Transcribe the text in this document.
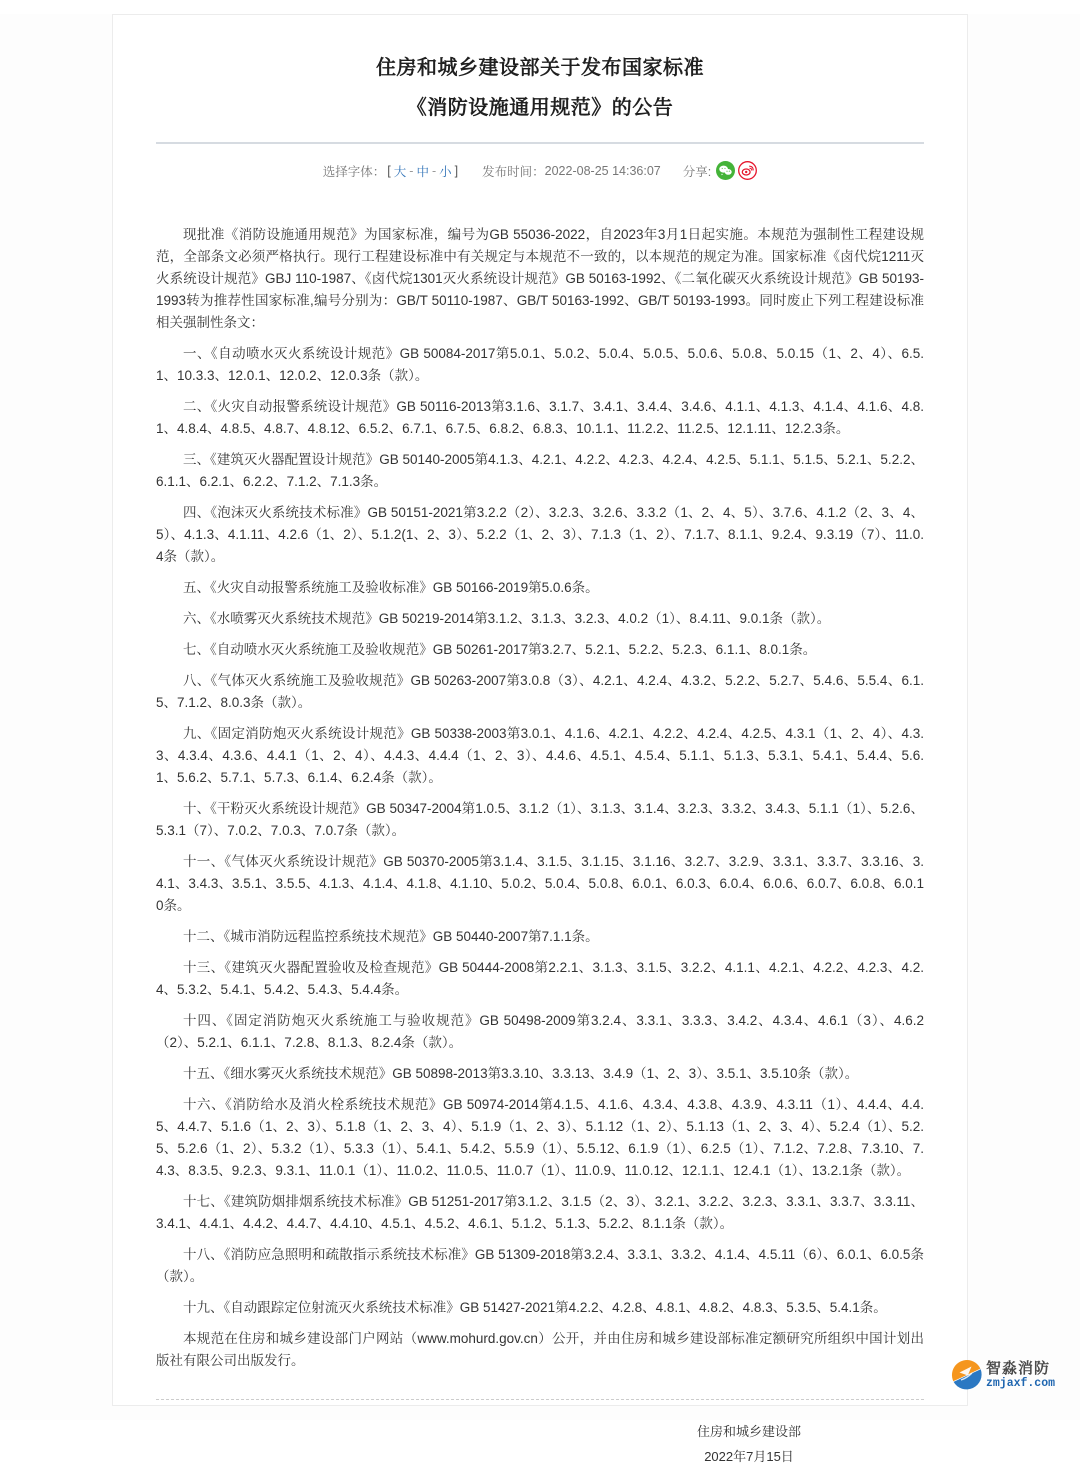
住房和城乡建设部关于发布国家标准
《消防设施通用规范》的公告
选择字体： [ 大 - 中 - 小 ] 发布时间： 2022-08-25 14:36:07 分享:

现批准《消防设施通用规范》为国家标准，编号为GB 55036-2022，自2023年3月1日起实施。本规范为强制性工程建设规范，全部条文必须严格执行。现行工程建设标准中有关规定与本规范不一致的，以本规范的规定为准。国家标准《卤代烷1211灭火系统设计规范》GBJ 110-1987、《卤代烷1301灭火系统设计规范》GB 50163-1992、《二氧化碳灭火系统设计规范》GB 50193-1993转为推荐性国家标准,编号分别为：GB/T 50110-1987、GB/T 50163-1992、GB/T 50193-1993。同时废止下列工程建设标准相关强制性条文：

一、《自动喷水灭火系统设计规范》GB 50084-2017第5.0.1、5.0.2、5.0.4、5.0.5、5.0.6、5.0.8、5.0.15（1、2、4）、6.5.1、10.3.3、12.0.1、12.0.2、12.0.3条（款）。

二、《火灾自动报警系统设计规范》GB 50116-2013第3.1.6、3.1.7、3.4.1、3.4.4、3.4.6、4.1.1、4.1.3、4.1.4、4.1.6、4.8.1、4.8.4、4.8.5、4.8.7、4.8.12、6.5.2、6.7.1、6.7.5、6.8.2、6.8.3、10.1.1、11.2.2、11.2.5、12.1.11、12.2.3条。

三、《建筑灭火器配置设计规范》GB 50140-2005第4.1.3、4.2.1、4.2.2、4.2.3、4.2.4、4.2.5、5.1.1、5.1.5、5.2.1、5.2.2、6.1.1、6.2.1、6.2.2、7.1.2、7.1.3条。

四、《泡沫灭火系统技术标准》GB 50151-2021第3.2.2（2）、3.2.3、3.2.6、3.3.2（1、2、4、5）、3.7.6、4.1.2（2、3、4、5）、4.1.3、4.1.11、4.2.6（1、2）、5.1.2(1、2、3）、5.2.2（1、2、3）、7.1.3（1、2）、7.1.7、8.1.1、9.2.4、9.3.19（7）、11.0.4条（款）。

五、《火灾自动报警系统施工及验收标准》GB 50166-2019第5.0.6条。

六、《水喷雾灭火系统技术规范》GB 50219-2014第3.1.2、3.1.3、3.2.3、4.0.2（1）、8.4.11、9.0.1条（款）。

七、《自动喷水灭火系统施工及验收规范》GB 50261-2017第3.2.7、5.2.1、5.2.2、5.2.3、6.1.1、8.0.1条。

八、《气体灭火系统施工及验收规范》GB 50263-2007第3.0.8（3）、4.2.1、4.2.4、4.3.2、5.2.2、5.2.7、5.4.6、5.5.4、6.1.5、7.1.2、8.0.3条（款）。

九、《固定消防炮灭火系统设计规范》GB 50338-2003第3.0.1、4.1.6、4.2.1、4.2.2、4.2.4、4.2.5、4.3.1（1、2、4）、4.3.3、4.3.4、4.3.6、4.4.1（1、2、4）、4.4.3、4.4.4（1、2、3）、4.4.6、4.5.1、4.5.4、5.1.1、5.1.3、5.3.1、5.4.1、5.4.4、5.6.1、5.6.2、5.7.1、5.7.3、6.1.4、6.2.4条（款）。

十、《干粉灭火系统设计规范》GB 50347-2004第1.0.5、3.1.2（1）、3.1.3、3.1.4、3.2.3、3.3.2、3.4.3、5.1.1（1）、5.2.6、5.3.1（7）、7.0.2、7.0.3、7.0.7条（款）。

十一、《气体灭火系统设计规范》GB 50370-2005第3.1.4、3.1.5、3.1.15、3.1.16、3.2.7、3.2.9、3.3.1、3.3.7、3.3.16、3.4.1、3.4.3、3.5.1、3.5.5、4.1.3、4.1.4、4.1.8、4.1.10、5.0.2、5.0.4、5.0.8、6.0.1、6.0.3、6.0.4、6.0.6、6.0.7、6.0.8、6.0.10条。

十二、《城市消防远程监控系统技术规范》GB 50440-2007第7.1.1条。

十三、《建筑灭火器配置验收及检查规范》GB 50444-2008第2.2.1、3.1.3、3.1.5、3.2.2、4.1.1、4.2.1、4.2.2、4.2.3、4.2.4、5.3.2、5.4.1、5.4.2、5.4.3、5.4.4条。

十四、《固定消防炮灭火系统施工与验收规范》GB 50498-2009第3.2.4、3.3.1、3.3.3、3.4.2、4.3.4、4.6.1（3）、4.6.2（2）、5.2.1、6.1.1、7.2.8、8.1.3、8.2.4条（款）。

十五、《细水雾灭火系统技术规范》GB 50898-2013第3.3.10、3.3.13、3.4.9（1、2、3）、3.5.1、3.5.10条（款）。

十六、《消防给水及消火栓系统技术规范》GB 50974-2014第4.1.5、4.1.6、4.3.4、4.3.8、4.3.9、4.3.11（1）、4.4.4、4.4.5、4.4.7、5.1.6（1、2、3）、5.1.8（1、2、3、4）、5.1.9（1、2、3）、5.1.12（1、2）、5.1.13（1、2、3、4）、5.2.4（1）、5.2.5、5.2.6（1、2）、5.3.2（1）、5.3.3（1）、5.4.1、5.4.2、5.5.9（1）、5.5.12、6.1.9（1）、6.2.5（1）、7.1.2、7.2.8、7.3.10、7.4.3、8.3.5、9.2.3、9.3.1、11.0.1（1）、11.0.2、11.0.5、11.0.7（1）、11.0.9、11.0.12、12.1.1、12.4.1（1）、13.2.1条（款）。

十七、《建筑防烟排烟系统技术标准》GB 51251-2017第3.1.2、3.1.5（2、3）、3.2.1、3.2.2、3.2.3、3.3.1、3.3.7、3.3.11、3.4.1、4.4.1、4.4.2、4.4.7、4.4.10、4.5.1、4.5.2、4.6.1、5.1.2、5.1.3、5.2.2、8.1.1条（款）。

十八、《消防应急照明和疏散指示系统技术标准》GB 51309-2018第3.2.4、3.3.1、3.3.2、4.1.4、4.5.11（6）、6.0.1、6.0.5条（款）。

十九、《自动跟踪定位射流灭火系统技术标准》GB 51427-2021第4.2.2、4.2.8、4.8.1、4.8.2、4.8.3、5.3.5、5.4.1条。

本规范在住房和城乡建设部门户网站（www.mohurd.gov.cn）公开，并由住房和城乡建设部标准定额研究所组织中国计划出版社有限公司出版发行。

住房和城乡建设部
2022年7月15日
智淼消防
zmjaxf.com
